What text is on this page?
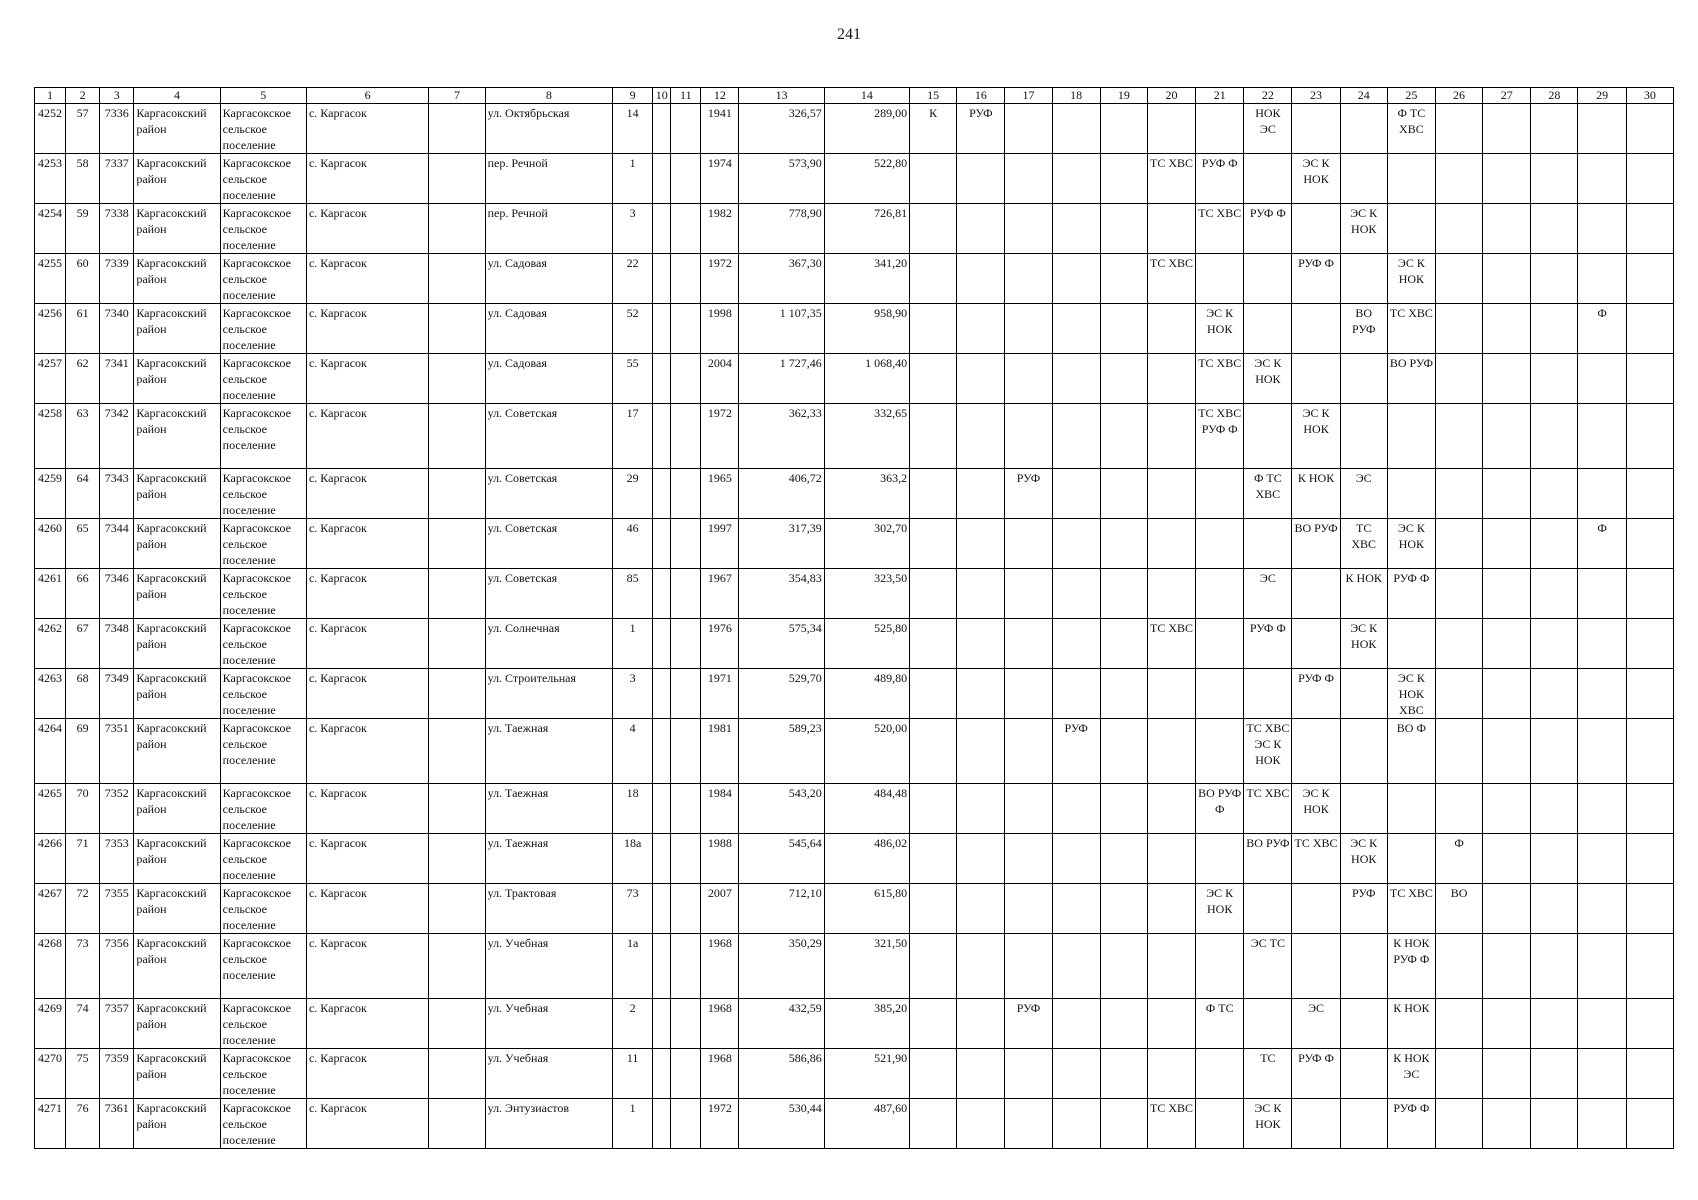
241
1	2	3	4	5	6	7	8	9	10	11	12	13	14	15	16	17	18	19	20	21	22	23	24	25	26	27	28	29	30
4252	57	7336	Каргасокский район	Каргасокское сельское поселение	с. Каргасок		ул. Октябрьская	14			1941	326,57	289,00	К	РУФ						НОК ЭС			Ф ТС ХВС					
4253	58	7337	Каргасокский район	Каргасокское сельское поселение	с. Каргасок		пер. Речной	1			1974	573,90	522,80						ТС ХВС	РУФ Ф		ЭС К НОК							
4254	59	7338	Каргасокский район	Каргасокское сельское поселение	с. Каргасок		пер. Речной	3			1982	778,90	726,81							ТС ХВС	РУФ Ф		ЭС К НОК						
4255	60	7339	Каргасокский район	Каргасокское сельское поселение	с. Каргасок		ул. Садовая	22			1972	367,30	341,20						ТС ХВС			РУФ Ф		ЭС К НОК					
4256	61	7340	Каргасокский район	Каргасокское сельское поселение	с. Каргасок		ул. Садовая	52			1998	1 107,35	958,90							ЭС К НОК			ВО РУФ	ТС ХВС				Ф	
4257	62	7341	Каргасокский район	Каргасокское сельское поселение	с. Каргасок		ул. Садовая	55			2004	1 727,46	1 068,40							ТС ХВС	ЭС К НОК			ВО РУФ					
4258	63	7342	Каргасокский район	Каргасокское сельское поселение	с. Каргасок		ул. Советская	17			1972	362,33	332,65							ТС ХВС РУФ Ф		ЭС К НОК							
4259	64	7343	Каргасокский район	Каргасокское сельское поселение	с. Каргасок		ул. Советская	29			1965	406,72	363,2			РУФ					Ф ТС ХВС	К НОК	ЭС						
4260	65	7344	Каргасокский район	Каргасокское сельское поселение	с. Каргасок		ул. Советская	46			1997	317,39	302,70									ВО РУФ	ТС ХВС	ЭС К НОК				Ф	
4261	66	7346	Каргасокский район	Каргасокское сельское поселение	с. Каргасок		ул. Советская	85			1967	354,83	323,50								ЭС		К НОК	РУФ Ф					
4262	67	7348	Каргасокский район	Каргасокское сельское поселение	с. Каргасок		ул. Солнечная	1			1976	575,34	525,80						ТС ХВС		РУФ Ф		ЭС К НОК						
4263	68	7349	Каргасокский район	Каргасокское сельское поселение	с. Каргасок		ул. Строительная	3			1971	529,70	489,80									РУФ Ф		ЭС К НОК ХВС					
4264	69	7351	Каргасокский район	Каргасокское сельское поселение	с. Каргасок		ул. Таежная	4			1981	589,23	520,00				РУФ				ТС ХВС ЭС К НОК			ВО Ф					
4265	70	7352	Каргасокский район	Каргасокское сельское поселение	с. Каргасок		ул. Таежная	18			1984	543,20	484,48							ВО РУФ Ф	ТС ХВС	ЭС К НОК							
4266	71	7353	Каргасокский район	Каргасокское сельское поселение	с. Каргасок		ул. Таежная	18а			1988	545,64	486,02								ВО РУФ	ТС ХВС	ЭС К НОК		Ф				
4267	72	7355	Каргасокский район	Каргасокское сельское поселение	с. Каргасок		ул. Трактовая	73			2007	712,10	615,80							ЭС К НОК			РУФ	ТС ХВС	ВО				
4268	73	7356	Каргасокский район	Каргасокское сельское поселение	с. Каргасок		ул. Учебная	1а			1968	350,29	321,50								ЭС ТС			К НОК РУФ Ф					
4269	74	7357	Каргасокский район	Каргасокское сельское поселение	с. Каргасок		ул. Учебная	2			1968	432,59	385,20			РУФ				Ф ТС		ЭС		К НОК					
4270	75	7359	Каргасокский район	Каргасокское сельское поселение	с. Каргасок		ул. Учебная	11			1968	586,86	521,90								ТС	РУФ Ф		К НОК ЭС					
4271	76	7361	Каргасокский район	Каргасокское сельское поселение	с. Каргасок		ул. Энтузиастов	1			1972	530,44	487,60						ТС ХВС		ЭС К НОК			РУФ Ф					
